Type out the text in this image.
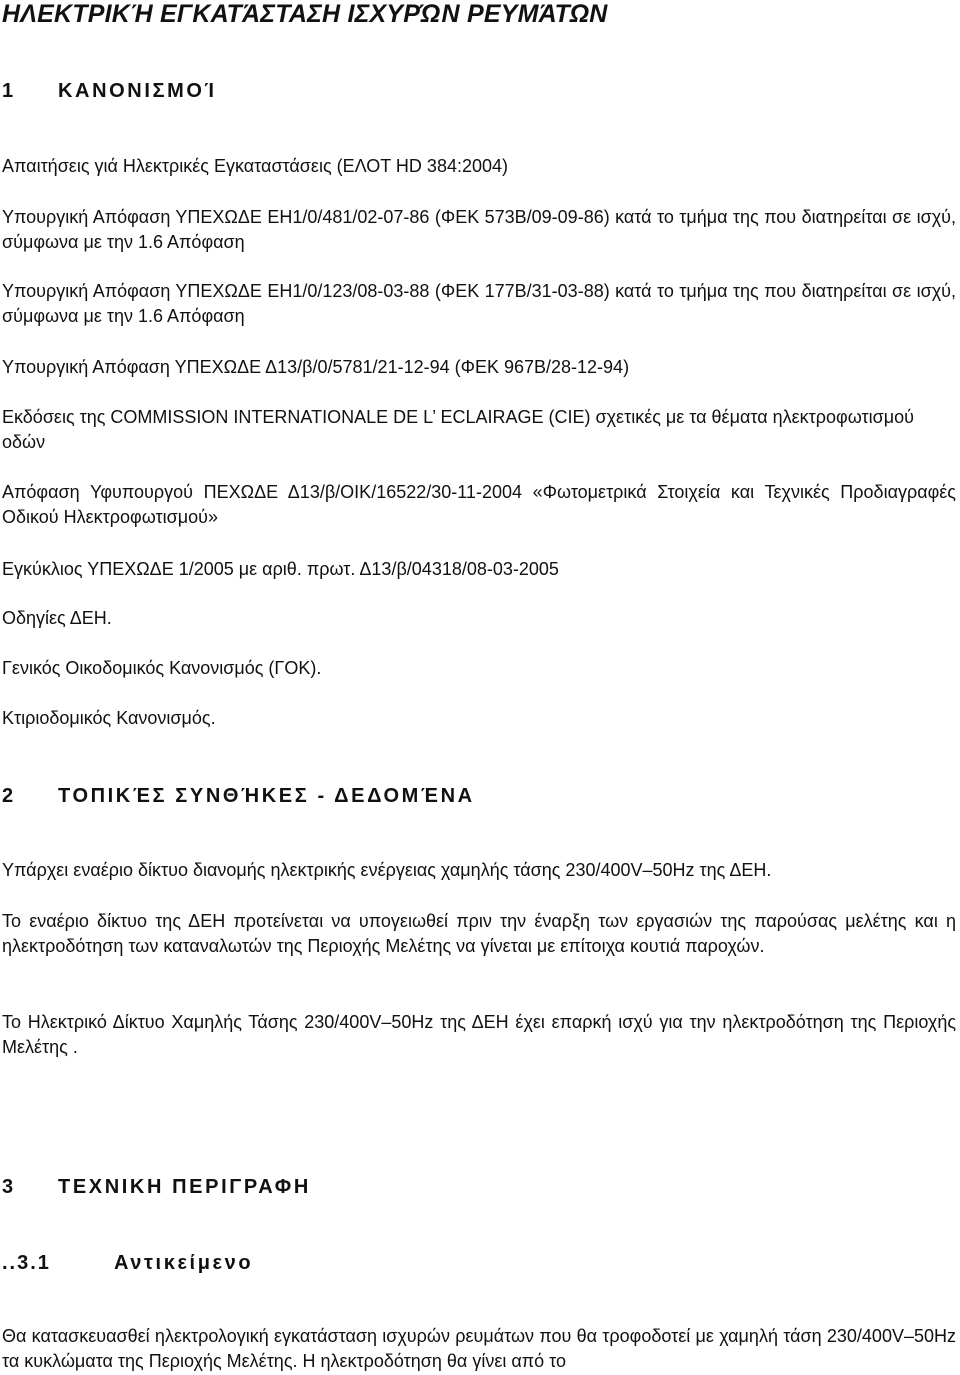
ΗΛΕΚΤΡΙΚΉ ΕΓΚΑΤΆΣΤΑΣΗ ΙΣΧΥΡΏΝ ΡΕΥΜΆΤΩΝ
1 ΚΑΝΟΝΙΣΜΟΊ

Απαιτήσεις γιά Ηλεκτρικές Εγκαταστάσεις (ΕΛΟΤ HD 384:2004)

Υπουργική Απόφαση ΥΠΕΧΩΔΕ ΕΗ1/0/481/02-07-86 (ΦΕΚ 573Β/09-09-86) κατά το τμήμα της που διατηρείται σε ισχύ, σύμφωνα με την 1.6 Απόφαση

Υπουργική Απόφαση ΥΠΕΧΩΔΕ ΕΗ1/0/123/08-03-88 (ΦΕΚ 177Β/31-03-88) κατά το τμήμα της που διατηρείται σε ισχύ, σύμφωνα με την 1.6 Απόφαση

Υπουργική Απόφαση ΥΠΕΧΩΔΕ Δ13/β/0/5781/21-12-94 (ΦΕΚ 967Β/28-12-94)

Εκδόσεις της COMMISSION INTERNATIONALE DE L’ ECLAIRAGE (CIE) σχετικές με τα θέματα ηλεκτροφωτισμού οδών

Απόφαση Υφυπουργού ΠΕΧΩΔΕ Δ13/β/ΟΙΚ/16522/30-11-2004 «Φωτομετρικά Στοιχεία και Τεχνικές Προδιαγραφές Οδικού Ηλεκτροφωτισμού»

Εγκύκλιος ΥΠΕΧΩΔΕ 1/2005 με αριθ. πρωτ. Δ13/β/04318/08-03-2005

Οδηγίες ΔΕΗ.

Γενικός Οικοδομικός Κανονισμός (ΓΟΚ).

Κτιριοδομικός Κανονισμός.

2 ΤΟΠΙΚΈΣ ΣΥΝΘΉΚΕΣ - ΔΕΔΟΜΈΝΑ

Υπάρχει εναέριο δίκτυο διανομής ηλεκτρικής ενέργειας χαμηλής τάσης 230/400V–50Hz της ΔΕΗ.

Το εναέριο δίκτυο της ΔΕΗ προτείνεται να υπογειωθεί πριν την έναρξη των εργασιών της παρούσας μελέτης και η ηλεκτροδότηση των καταναλωτών της Περιοχής Μελέτης να γίνεται με επίτοιχα κουτιά παροχών.

Το Ηλεκτρικό Δίκτυο Χαμηλής Τάσης 230/400V–50Hz της ΔΕΗ έχει επαρκή ισχύ για την ηλεκτροδότηση της Περιοχής Μελέτης .

3 ΤΕΧΝΙΚΗ ΠΕΡΙΓΡΑΦΗ
..3.1	Αντικείμενο

Θα κατασκευασθεί ηλεκτρολογική εγκατάσταση ισχυρών ρευμάτων που θα τροφοδοτεί με χαμηλή τάση 230/400V–50Hz τα κυκλώματα της Περιοχής Μελέτης. Η ηλεκτροδότηση θα γίνει από το
